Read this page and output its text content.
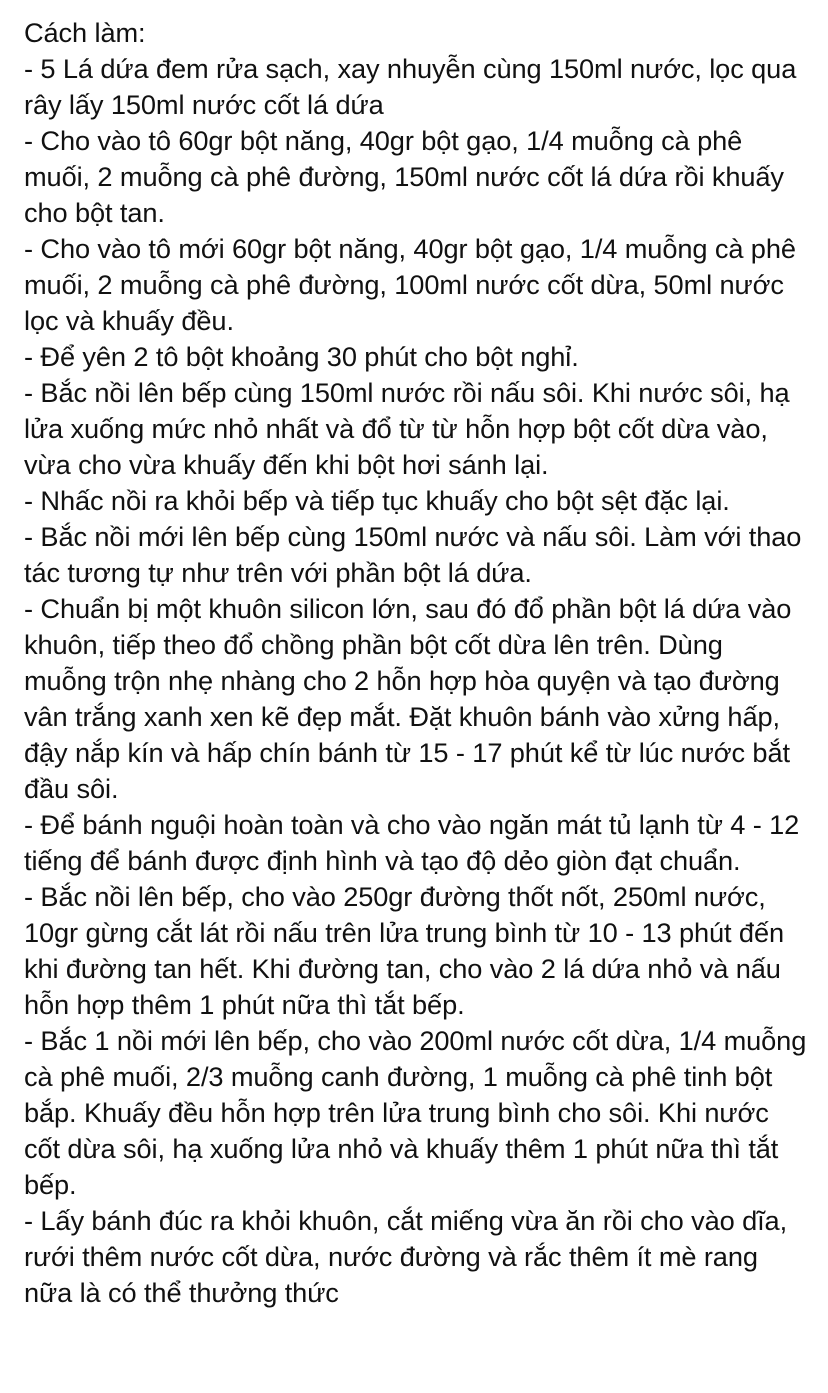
Cách làm:

- 5 Lá dứa đem rửa sạch, xay nhuyễn cùng 150ml nước, lọc qua rây lấy 150ml nước cốt lá dứa

- Cho vào tô 60gr bột năng, 40gr bột gạo, 1/4 muỗng cà phê muối, 2 muỗng cà phê đường, 150ml nước cốt lá dứa rồi khuấy cho bột tan.

- Cho vào tô mới 60gr bột năng, 40gr bột gạo, 1/4 muỗng cà phê muối, 2 muỗng cà phê đường, 100ml nước cốt dừa, 50ml nước lọc và khuấy đều.

- Để yên 2 tô bột khoảng 30 phút cho bột nghỉ.

- Bắc nồi lên bếp cùng 150ml nước rồi nấu sôi. Khi nước sôi, hạ lửa xuống mức nhỏ nhất và đổ từ từ hỗn hợp bột cốt dừa vào, vừa cho vừa khuấy đến khi bột hơi sánh lại.

- Nhấc nồi ra khỏi bếp và tiếp tục khuấy cho bột sệt đặc lại.

- Bắc nồi mới lên bếp cùng 150ml nước và nấu sôi. Làm với thao tác tương tự như trên với phần bột lá dứa.

- Chuẩn bị một khuôn silicon lớn, sau đó đổ phần bột lá dứa vào khuôn, tiếp theo đổ chồng phần bột cốt dừa lên trên. Dùng muỗng trộn nhẹ nhàng cho 2 hỗn hợp hòa quyện và tạo đường vân trắng xanh xen kẽ đẹp mắt. Đặt khuôn bánh vào xửng hấp, đậy nắp kín và hấp chín bánh từ 15 - 17 phút kể từ lúc nước bắt đầu sôi.

- Để bánh nguội hoàn toàn và cho vào ngăn mát tủ lạnh từ 4 - 12 tiếng để bánh được định hình và tạo độ dẻo giòn đạt chuẩn.

- Bắc nồi lên bếp, cho vào 250gr đường thốt nốt, 250ml nước, 10gr gừng cắt lát rồi nấu trên lửa trung bình từ 10 - 13 phút đến khi đường tan hết. Khi đường tan, cho vào 2 lá dứa nhỏ và nấu hỗn hợp thêm 1 phút nữa thì tắt bếp.

- Bắc 1 nồi mới lên bếp, cho vào 200ml nước cốt dừa, 1/4 muỗng cà phê muối, 2/3 muỗng canh đường, 1 muỗng cà phê tinh bột bắp. Khuấy đều hỗn hợp trên lửa trung bình cho sôi. Khi nước cốt dừa sôi, hạ xuống lửa nhỏ và khuấy thêm 1 phút nữa thì tắt bếp.

- Lấy bánh đúc ra khỏi khuôn, cắt miếng vừa ăn rồi cho vào dĩa, rưới thêm nước cốt dừa, nước đường và rắc thêm ít mè rang nữa là có thể thưởng thức
